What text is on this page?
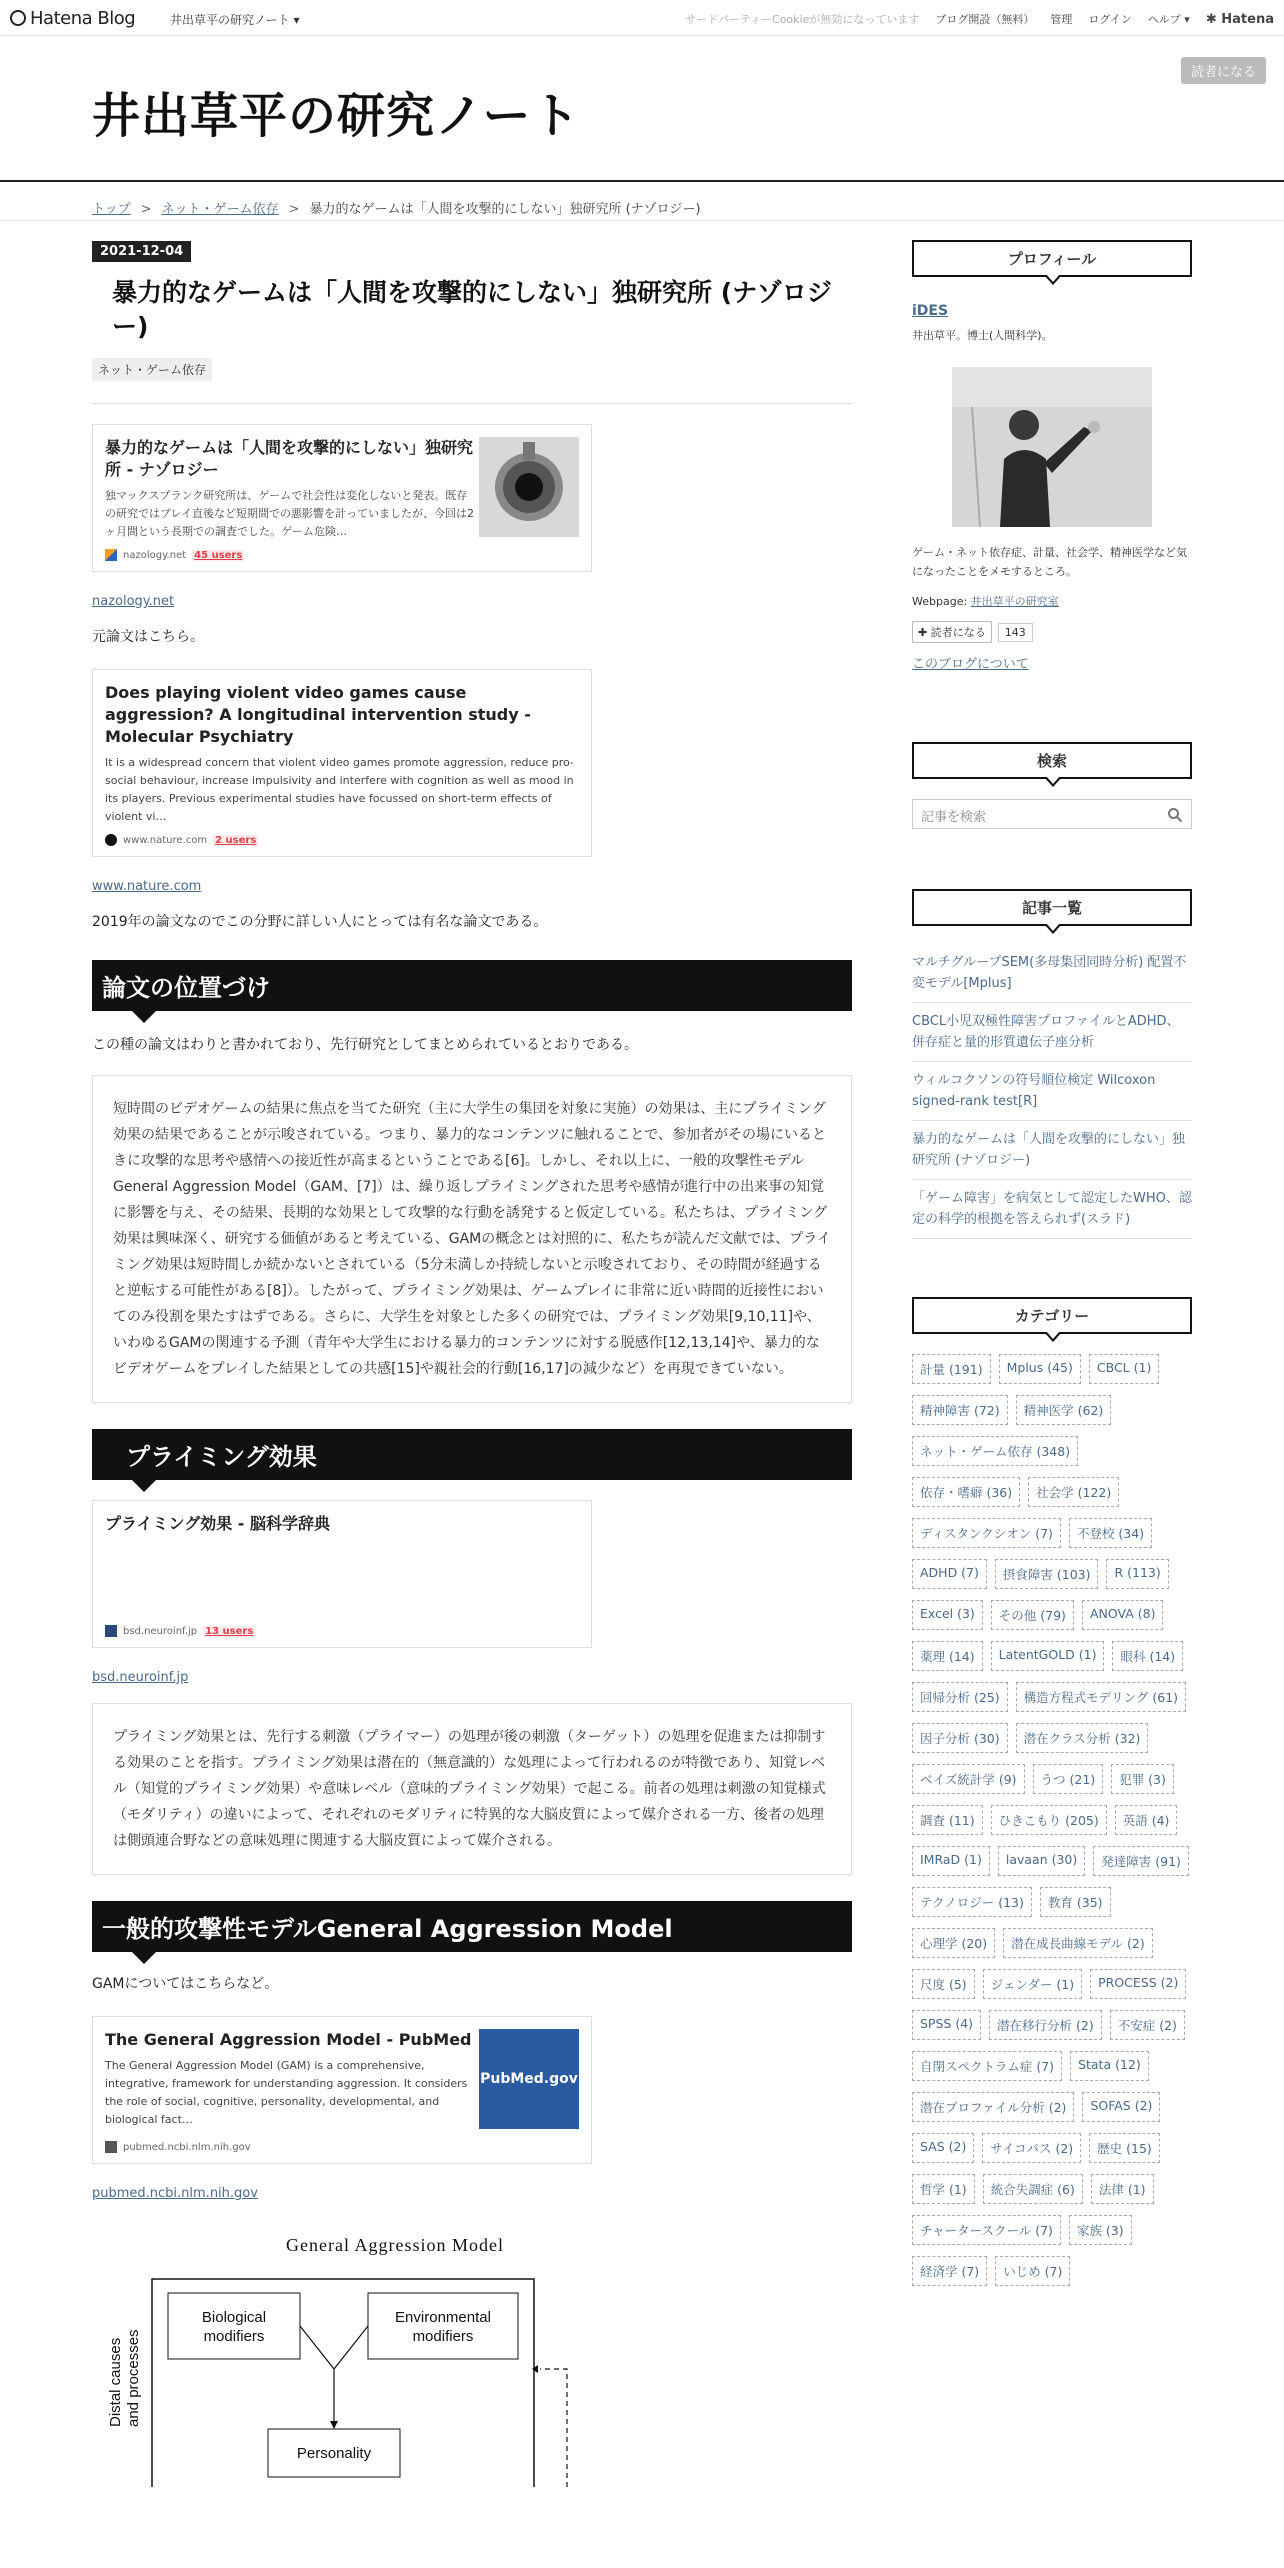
Hatena Blog	井出草平の研究ノート ▾	サードパーティーCookieが無効になっています ブログ開設（無料） 管理 ログイン ヘルプ ▾ ✱ Hatena
井出草平の研究ノート
読者になる
トップ > ネット・ゲーム依存 > 暴力的なゲームは「人間を攻撃的にしない」独研究所 (ナゾロジー)
2021-12-04
暴力的なゲームは「人間を攻撃的にしない」独研究所 (ナゾロジー)
ネット・ゲーム依存
暴力的なゲームは「人間を攻撃的にしない」独研究所 - ナゾロジー
独マックスプランク研究所は、ゲームで社会性は変化しないと発表。既存の研究ではプレイ直後など短期間での悪影響を計っていましたが、今回は2ヶ月間という長期での調査でした。ゲーム危険…
nazology.net 45 users
nazology.net
元論文はこちら。
Does playing violent video games cause aggression? A longitudinal intervention study - Molecular Psychiatry
It is a widespread concern that violent video games promote aggression, reduce pro-social behaviour, increase impulsivity and interfere with cognition as well as mood in its players. Previous experimental studies have focussed on short-term effects of violent vi…
www.nature.com 2 users
www.nature.com
2019年の論文なのでこの分野に詳しい人にとっては有名な論文である。
論文の位置づけ
この種の論文はわりと書かれており、先行研究としてまとめられているとおりである。
短時間のビデオゲームの結果に焦点を当てた研究（主に大学生の集団を対象に実施）の効果は、主にプライミング効果の結果であることが示唆されている。つまり、暴力的なコンテンツに触れることで、参加者がその場にいるときに攻撃的な思考や感情への接近性が高まるということである[6]。しかし、それ以上に、一般的攻撃性モデルGeneral Aggression Model（GAM、[7]）は、繰り返しプライミングされた思考や感情が進行中の出来事の知覚に影響を与え、その結果、長期的な効果として攻撃的な行動を誘発すると仮定している。私たちは、プライミング効果は興味深く、研究する価値があると考えている、GAMの概念とは対照的に、私たちが読んだ文献では、プライミング効果は短時間しか続かないとされている（5分未満しか持続しないと示唆されており、その時間が経過すると逆転する可能性がある[8]）。したがって、プライミング効果は、ゲームプレイに非常に近い時間的近接性においてのみ役割を果たすはずである。さらに、大学生を対象とした多くの研究では、プライミング効果[9,10,11]や、いわゆるGAMの関連する予測（青年や大学生における暴力的コンテンツに対する脱感作[12,13,14]や、暴力的なビデオゲームをプレイした結果としての共感[15]や親社会的行動[16,17]の減少など）を再現できていない。
プライミング効果
プライミング効果 - 脳科学辞典
bsd.neuroinf.jp 13 users
bsd.neuroinf.jp
プライミング効果とは、先行する刺激（プライマー）の処理が後の刺激（ターゲット）の処理を促進または抑制する効果のことを指す。プライミング効果は潜在的（無意識的）な処理によって行われるのが特徴であり、知覚レベル（知覚的プライミング効果）や意味レベル（意味的プライミング効果）で起こる。前者の処理は刺激の知覚様式（モダリティ）の違いによって、それぞれのモダリティに特異的な大脳皮質によって媒介される一方、後者の処理は側頭連合野などの意味処理に関連する大脳皮質によって媒介される。
一般的攻撃性モデルGeneral Aggression Model
GAMについてはこちらなど。
The General Aggression Model - PubMed
The General Aggression Model (GAM) is a comprehensive, integrative, framework for understanding aggression. It considers the role of social, cognitive, personality, developmental, and biological fact…
pubmed.ncbi.nlm.nih.gov
PubMed.gov
pubmed.ncbi.nlm.nih.gov
General Aggression Model
Distal causes and processes
Biological
modifiers
Environmental
modifiers
Personality
プロフィール
iDES
井出草平。博士(人間科学)。
ゲーム・ネット依存症、計量、社会学、精神医学など気になったことをメモするところ。
Webpage: 井出草平の研究室
✚ 読者になる	143
このブログについて
検索
記事を検索
記事一覧
マルチグループSEM(多母集団同時分析) 配置不変モデル[Mplus]
CBCL小児双極性障害プロファイルとADHD、併存症と量的形質遺伝子座分析
ウィルコクソンの符号順位検定 Wilcoxon signed-rank test[R]
暴力的なゲームは「人間を攻撃的にしない」独研究所 (ナゾロジー)
「ゲーム障害」を病気として認定したWHO、認定の科学的根拠を答えられず(スラド)
カテゴリー
計量 (191)	Mplus (45)	CBCL (1)
精神障害 (72)	精神医学 (62)
ネット・ゲーム依存 (348)
依存・嗜癖 (36)	社会学 (122)
ディスタンクシオン (7)	不登校 (34)
ADHD (7)	摂食障害 (103)	R (113)
Excel (3)	その他 (79)	ANOVA (8)
薬理 (14)	LatentGOLD (1)	眼科 (14)
回帰分析 (25)	構造方程式モデリング (61)
因子分析 (30)	潜在クラス分析 (32)
ベイズ統計学 (9)	うつ (21)	犯罪 (3)
調査 (11)	ひきこもり (205)	英語 (4)
IMRaD (1)	lavaan (30)	発達障害 (91)
テクノロジー (13)	教育 (35)
心理学 (20)	潜在成長曲線モデル (2)
尺度 (5)	ジェンダー (1)	PROCESS (2)
SPSS (4)	潜在移行分析 (2)	不安症 (2)
自閉スペクトラム症 (7)	Stata (12)
潜在プロファイル分析 (2)	SOFAS (2)
SAS (2)	サイコパス (2)	歴史 (15)
哲学 (1)	統合失調症 (6)	法律 (1)
チャータースクール (7)	家族 (3)
経済学 (7)	いじめ (7)
